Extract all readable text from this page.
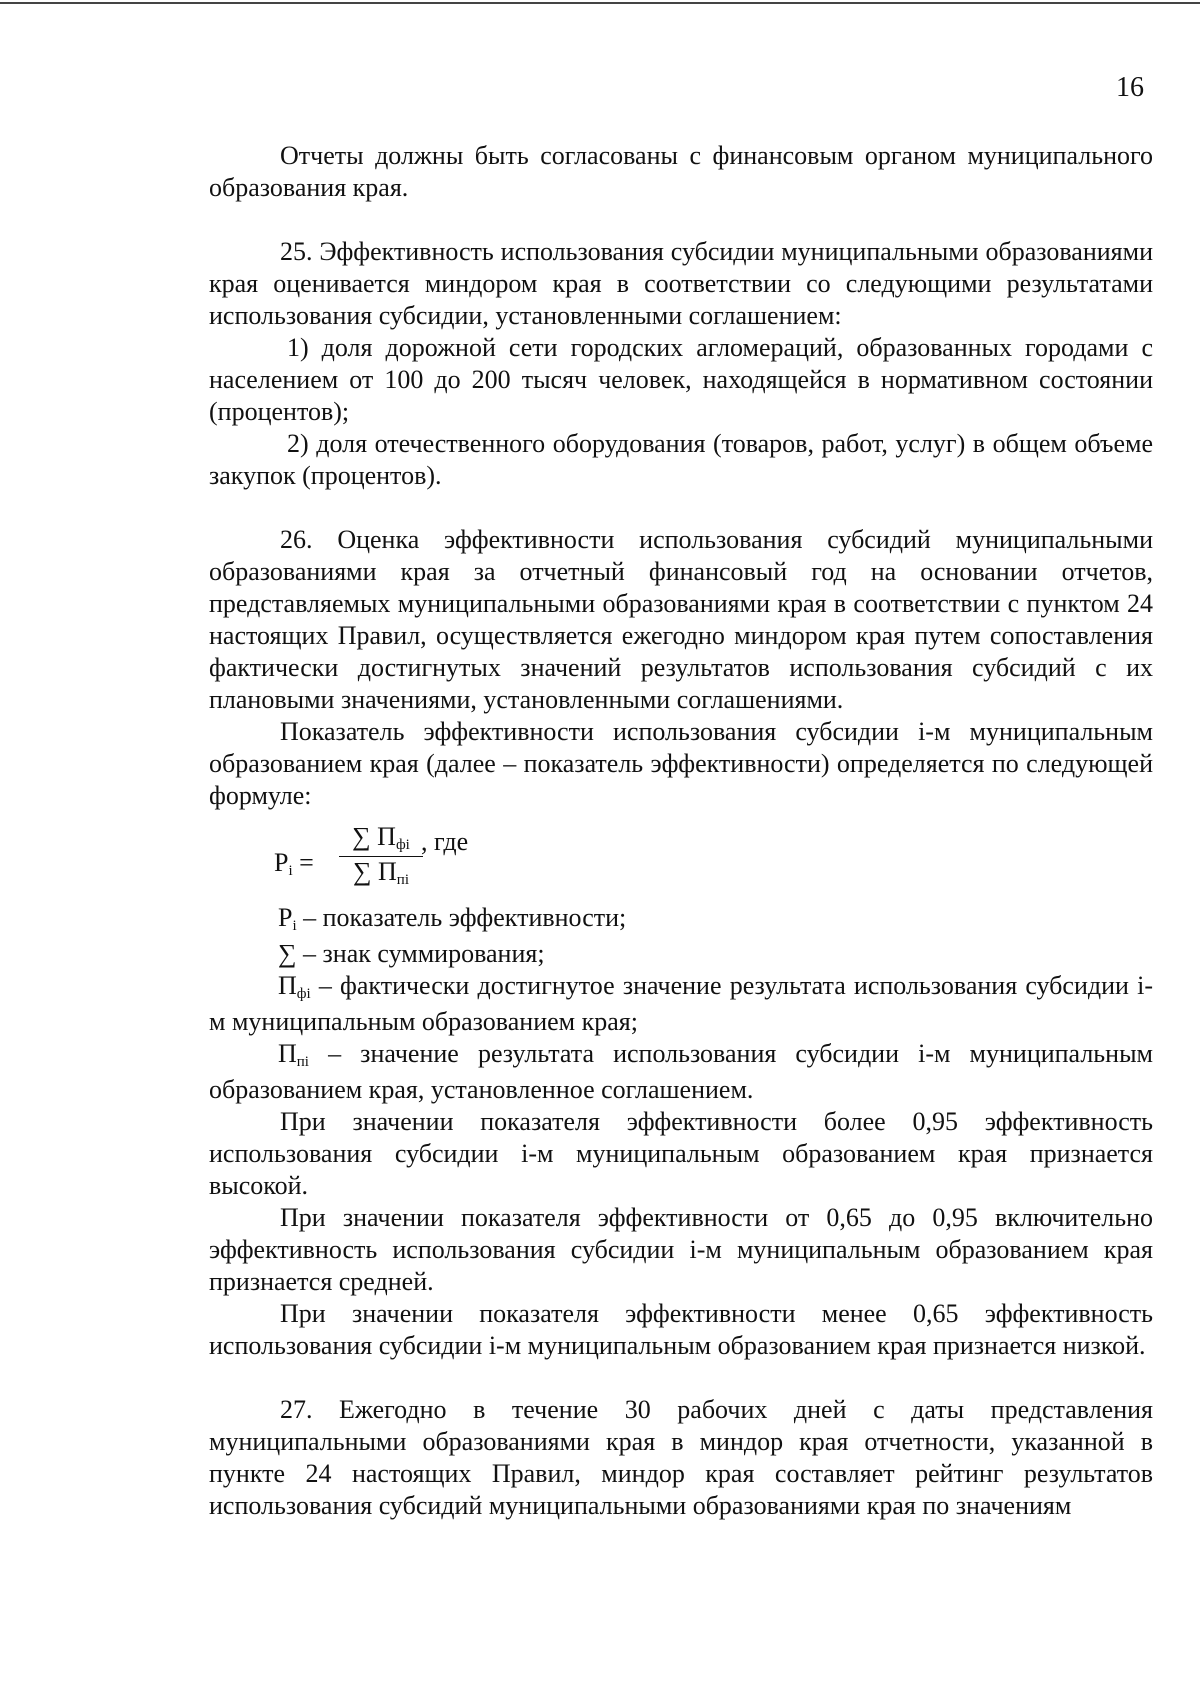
16

Отчеты должны быть согласованы с финансовым органом муниципального образования края.

25. Эффективность использования субсидии муниципальными образованиями края оценивается миндором края в соответствии со следующими результатами использования субсидии, установленными соглашением:

1) доля дорожной сети городских агломераций, образованных городами с населением от 100 до 200 тысяч человек, находящейся в нормативном состоянии (процентов);

2) доля отечественного оборудования (товаров, работ, услуг) в общем объеме закупок (процентов).

26. Оценка эффективности использования субсидий муниципальными образованиями края за отчетный финансовый год на основании отчетов, представляемых муниципальными образованиями края в соответствии с пунктом 24 настоящих Правил, осуществляется ежегодно миндором края путем сопоставления фактически достигнутых значений результатов использования субсидий с их плановыми значениями, установленными соглашениями.

Показатель эффективности использования субсидии i-м муниципальным образованием края (далее – показатель эффективности) определяется по следующей формуле:

Pi =
∑ Пфi
∑ Ппi
, где

Pi – показатель эффективности;

∑ – знак суммирования;

Пфi – фактически достигнутое значение результата использования субсидии i-м муниципальным образованием края;

Ппi – значение результата использования субсидии i-м муниципальным образованием края, установленное соглашением.

При значении показателя эффективности более 0,95 эффективность использования субсидии i-м муниципальным образованием края признается высокой.

При значении показателя эффективности от 0,65 до 0,95 включительно эффективность использования субсидии i-м муниципальным образованием края признается средней.

При значении показателя эффективности менее 0,65 эффективность использования субсидии i-м муниципальным образованием края признается низкой.

27. Ежегодно в течение 30 рабочих дней с даты представления муниципальными образованиями края в миндор края отчетности, указанной в пункте 24 настоящих Правил, миндор края составляет рейтинг результатов использования субсидий муниципальными образованиями края по значениям
